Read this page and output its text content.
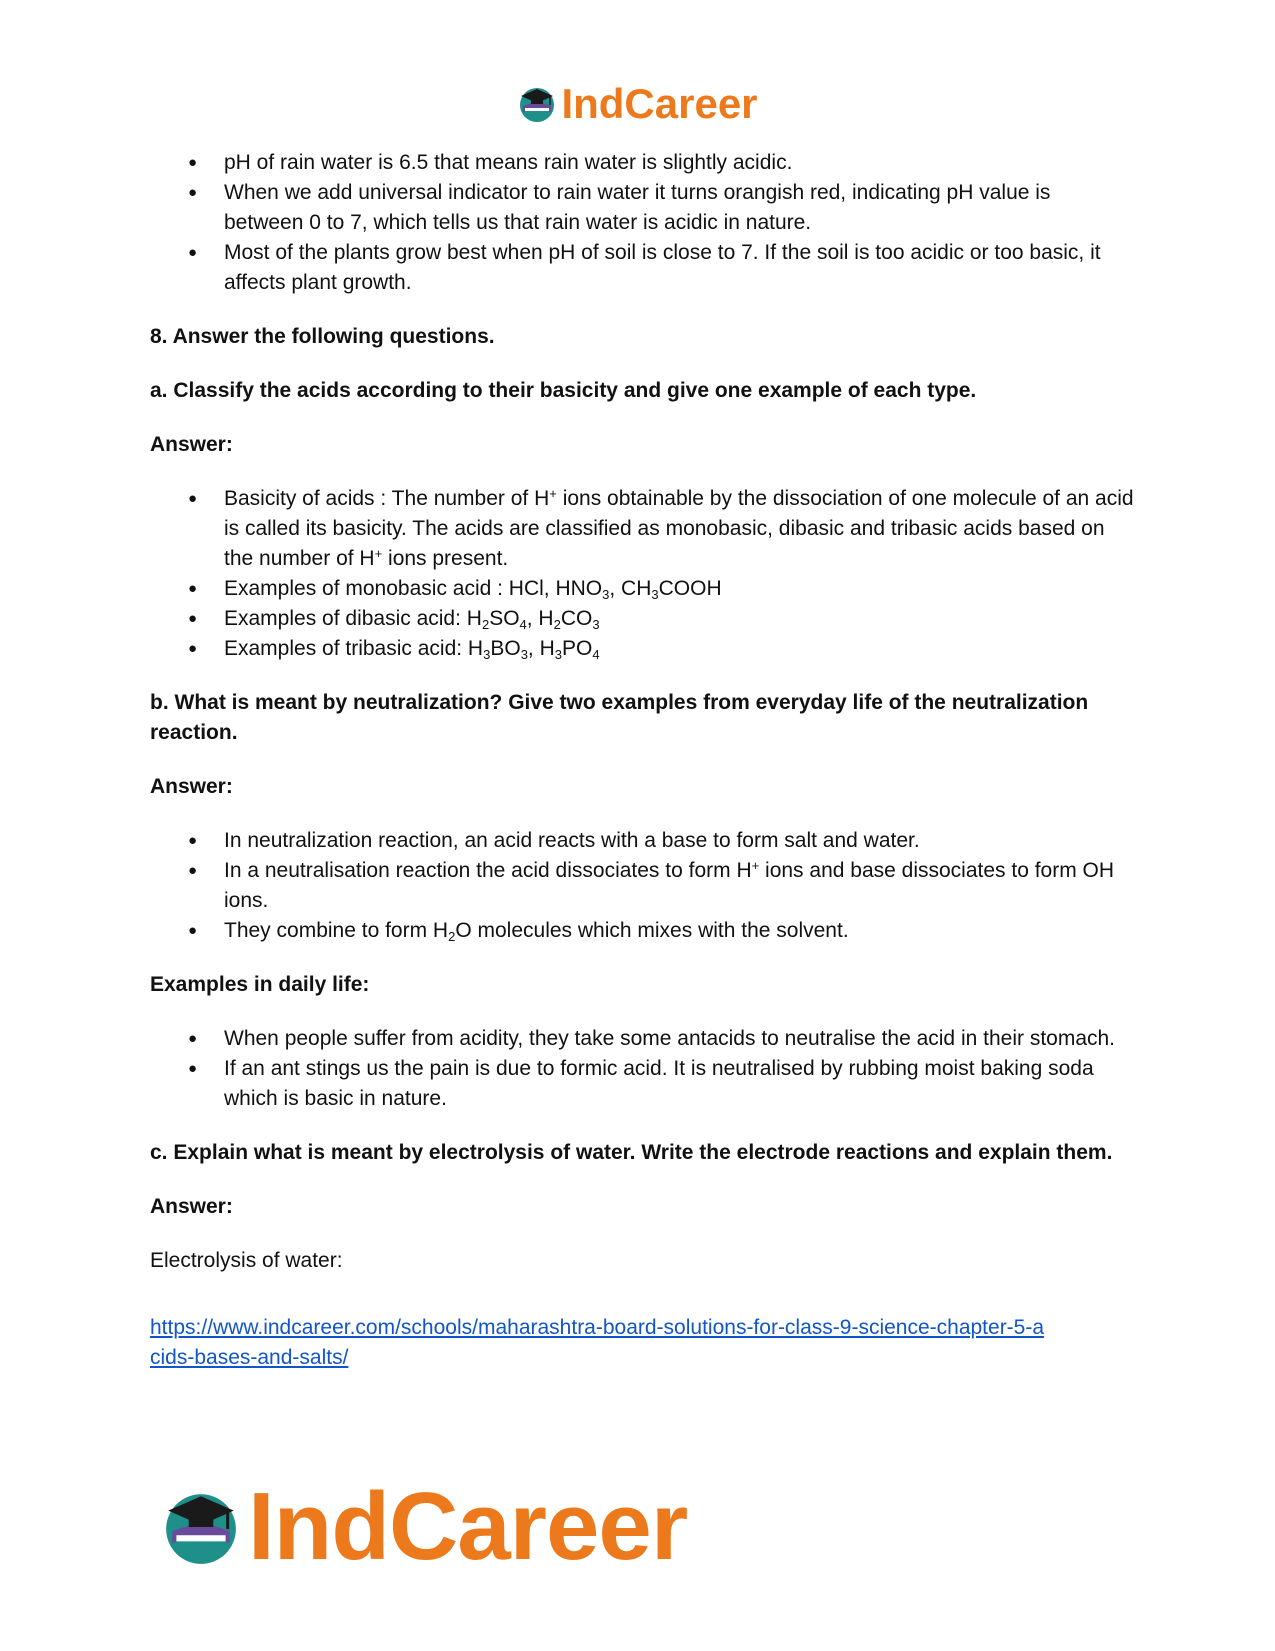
IndCareer
● pH of rain water is 6.5 that means rain water is slightly acidic.
● When we add universal indicator to rain water it turns orangish red, indicating pH value is between 0 to 7, which tells us that rain water is acidic in nature.
● Most of the plants grow best when pH of soil is close to 7. If the soil is too acidic or too basic, it affects plant growth.

8. Answer the following questions.

a. Classify the acids according to their basicity and give one example of each type.

Answer:

● Basicity of acids : The number of H+ ions obtainable by the dissociation of one molecule of an acid is called its basicity. The acids are classified as monobasic, dibasic and tribasic acids based on the number of H+ ions present.
● Examples of monobasic acid : HCl, $HNO_3$, $CH_3COOH$
● Examples of dibasic acid: $H_2SO_4$, $H_2CO_3$
● Examples of tribasic acid: $H_3BO_3$, $H_3PO_4$

b. What is meant by neutralization? Give two examples from everyday life of the neutralization reaction.

Answer:

● In neutralization reaction, an acid reacts with a base to form salt and water.
● In a neutralisation reaction the acid dissociates to form H+ ions and base dissociates to form OH ions.
● They combine to form $H_2O$ molecules which mixes with the solvent.

Examples in daily life:

● When people suffer from acidity, they take some antacids to neutralise the acid in their stomach.
● If an ant stings us the pain is due to formic acid. It is neutralised by rubbing moist baking soda which is basic in nature.

c. Explain what is meant by electrolysis of water. Write the electrode reactions and explain them.

Answer:

Electrolysis of water:

https://www.indcareer.com/schools/maharashtra-board-solutions-for-class-9-science-chapter-5-a
cids-bases-and-salts/
IndCareer
